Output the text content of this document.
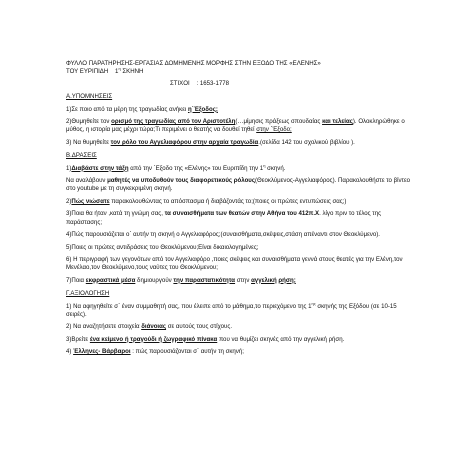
ΦΥΛΛΟ ΠΑΡΑΤΗΡΗΣΗΣ-ΕΡΓΑΣΙΑΣ ΔΟΜΗΜΕΝΗΣ ΜΟΡΦΗΣ ΣΤΗΝ ΕΞΟΔΟ ΤΗΣ «ΕΛΕΝΗΣ»
ΤΟΥ ΕΥΡΙΠΙΔΗ $1^\eta$ ΣΚΗΝΗ
ΣΤΙΧΟΙ : 1653-1778
Α.ΥΠΟΜΝΗΣΕΙΣ

1)Σε ποιο από τα μέρη της τραγωδίας ανήκει η΄Έξοδος;

2)Θυμηθείτε τον ορισμό της τραγωδίας από τον Αριστοτέλη(…μίμησις πράξεως σπουδαίας και τελείας). Ολοκληρώθηκε ο μύθος, η ιστορία μας μέχρι τώρα;Τι περιμένει ο θεατής να δουθεί τηθεί στην ΄Έξοδο;

3) Να θυμηθείτε τον ρόλο του Αγγελιαφόρου στην αρχαία τραγωδία.(σελίδα 142 του σχολικού βιβλίου ).

Β.ΔΡΑΣΕΙΣ

1)Διαβάστε στην τάξη από την ΄Εξοδο της «Ελένης» του Ευριπίδη την $1^\eta$ σκηνή.

Να αναλάβουν μαθητές να υποδυθούν τους διαφορετικούς ρόλους(Θεοκλύμενος-Αγγελιαφόρος). Παρακολουθήστε το βίντεο στο youtube με τη συγκεκριμένη σκηνή.

2)Πώς νιώσατε παρακολουθώντας το απόσπασμα ή διαβάζοντάς το;(ποιες οι πρώτες εντυπώσεις σας;)

3)Ποια θα ήταν ,κατά τη γνώμη σας, τα συναισθήματα των θεατών στην Αθήνα του 412π.Χ. λίγο πριν το τέλος της παράστασης;

4)Πώς παρουσιάζεται ο΄ αυτήν τη σκηνή ο Αγγελιαφόρος;(συναισθήματα,σκέψεις,στάση απέναντι στον Θεοκλύμενο).

5)Ποιες οι πρώτες αντιδράσεις του Θεοκλύμενου;Είναι δικαιολογημένες;

6) Η περιγραφή των γεγονότων από τον Αγγελιαφόρο ,ποιες σκέψεις και συναισθήματα γεννά στους θεατές για την Ελένη,τον Μενέλαο,τον Θεοκλύμενο,τους ναύτες του Θεοκλύμενου;

7)Ποια εκφραστικά μέσα δημιουργούν την παραστατικότητα στην αγγελική ρήση;

Γ.ΑΞΙΟΛΟΓΗΣΗ

1) Να αφηγηθείτε σ΄ έναν συμμαθητή σας, που έλειπε από το μάθημα,το περιεχόμενο της $1^{\eta\varsigma}$ σκηνής της Εξόδου (σε 10-15 σειρές).

2) Να αναζητήσετε στοιχεία διάνοιας σε αυτούς τους στίχους.

3)Βρείτε ένα κείμενο ή τραγούδι ή ζωγραφικό πίνακα που να θυμίζει σκηνές από την αγγελική ρήση.

4) Έλληνες- Βάρβαροι : πώς παρουσιάζονται σ΄ αυτήν τη σκηνή;
